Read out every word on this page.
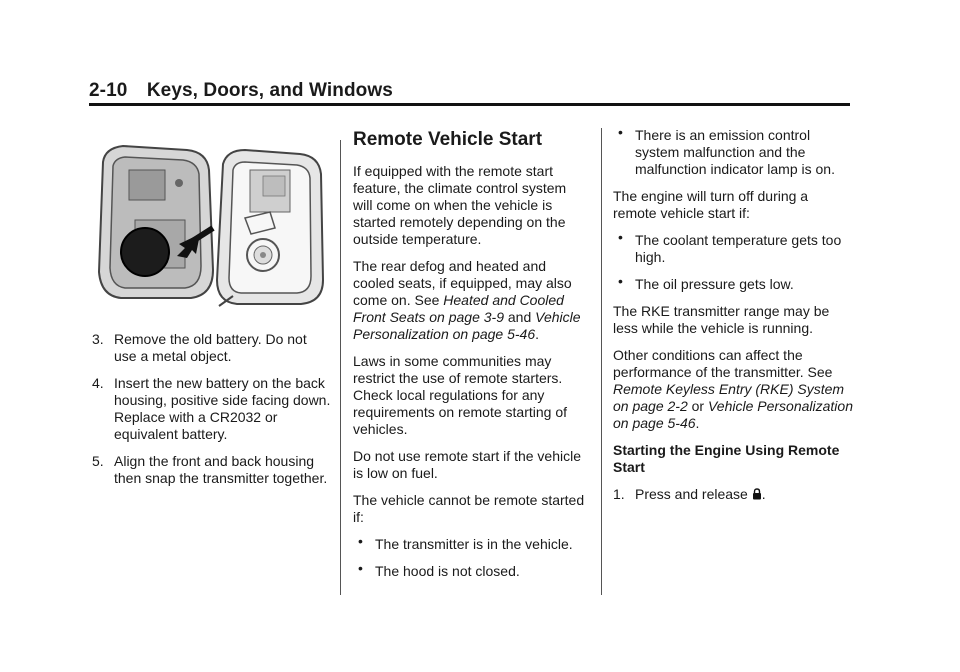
2-10 Keys, Doors, and Windows
3. Remove the old battery. Do not use a metal object.
4. Insert the new battery on the back housing, positive side facing down. Replace with a CR2032 or equivalent battery.
5. Align the front and back housing then snap the transmitter together.
Remote Vehicle Start

If equipped with the remote start feature, the climate control system will come on when the vehicle is started remotely depending on the outside temperature.

The rear defog and heated and cooled seats, if equipped, may also come on. See Heated and Cooled Front Seats on page 3-9 and Vehicle Personalization on page 5-46.

Laws in some communities may restrict the use of remote starters. Check local regulations for any requirements on remote starting of vehicles.

Do not use remote start if the vehicle is low on fuel.

The vehicle cannot be remote started if:

• The transmitter is in the vehicle.
• The hood is not closed.
• There is an emission control system malfunction and the malfunction indicator lamp is on.

The engine will turn off during a remote vehicle start if:

• The coolant temperature gets too high.
• The oil pressure gets low.

The RKE transmitter range may be less while the vehicle is running.

Other conditions can affect the performance of the transmitter. See Remote Keyless Entry (RKE) System on page 2-2 or Vehicle Personalization on page 5-46.

Starting the Engine Using Remote Start

1. Press and release .
